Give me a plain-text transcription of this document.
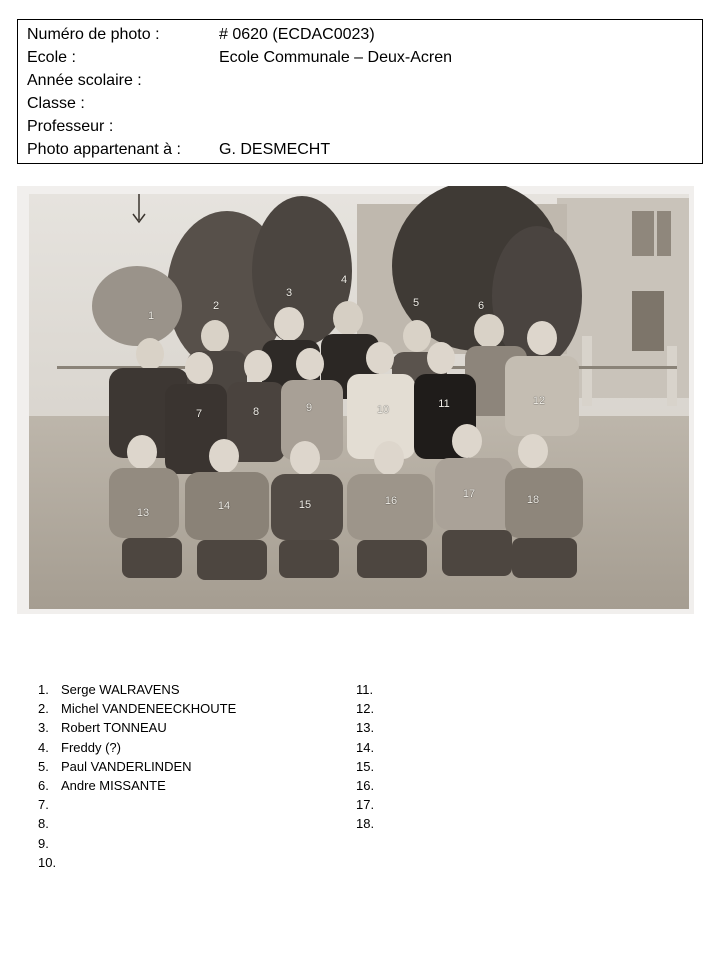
Numéro de photo :	# 0620 (ECDAC0023)
Ecole :	Ecole Communale – Deux-Acren
Année scolaire :
Classe :
Professeur :
Photo appartenant à : G. DESMECHT
1
2
3
4
5	6
7	8	9	10	11	12
13
14	15	16
17	18
1. Serge WALRAVENS
2. Michel VANDENEECKHOUTE
3. Robert TONNEAU
4. Freddy (?)
5. Paul VANDERLINDEN
6. Andre MISSANTE
7.
8.
9.
10.
11.
12.
13.
14.
15.
16.
17.
18.
